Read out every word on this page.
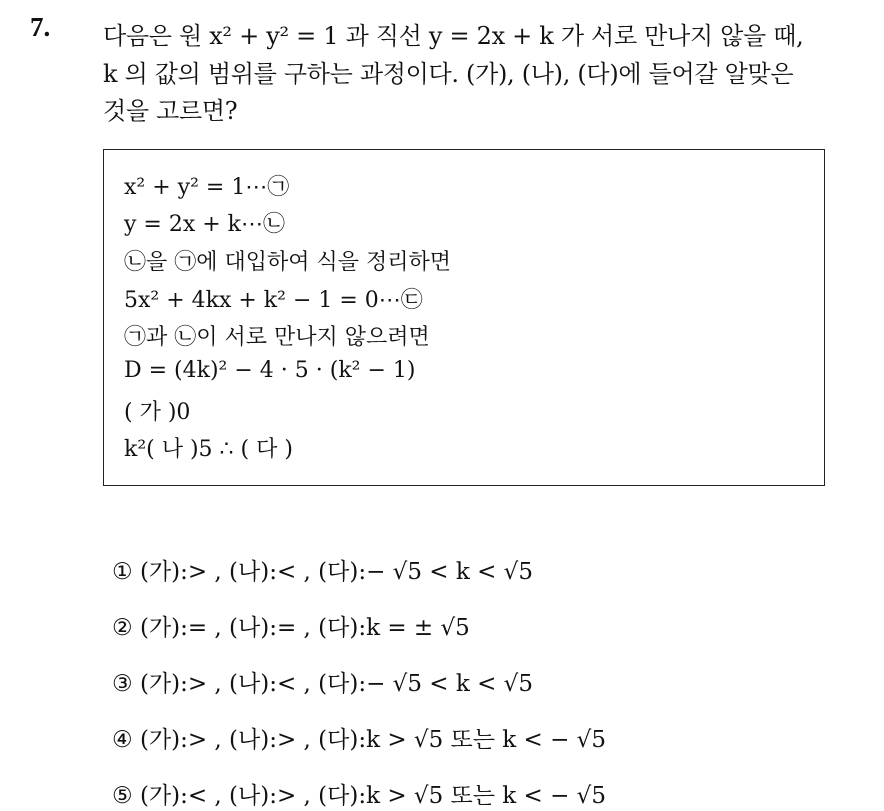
7. 다음은 원 x² + y² = 1 과 직선 y = 2x + k 가 서로 만나지 않을 때,
k 의 값의 범위를 구하는 과정이다. (가), (나), (다)에 들어갈 알맞은
것을 고르면?
x² + y² = 1⋯㉠
y = 2x + k⋯㉡
㉡을 ㉠에 대입하여 식을 정리하면
5x² + 4kx + k² − 1 = 0⋯㉢
㉠과 ㉡이 서로 만나지 않으려면
D = (4k)² − 4 · 5 · (k² − 1)
( 가 )0
k²( 나 )5 ∴ ( 다 )
① (가):> , (나):< , (다):− √5 < k < √5
② (가):= , (나):= , (다):k = ± √5
③ (가):> , (나):< , (다):− √5 < k < √5
④ (가):> , (나):> , (다):k > √5 또는 k < − √5
⑤ (가):< , (나):> , (다):k > √5 또는 k < − √5
